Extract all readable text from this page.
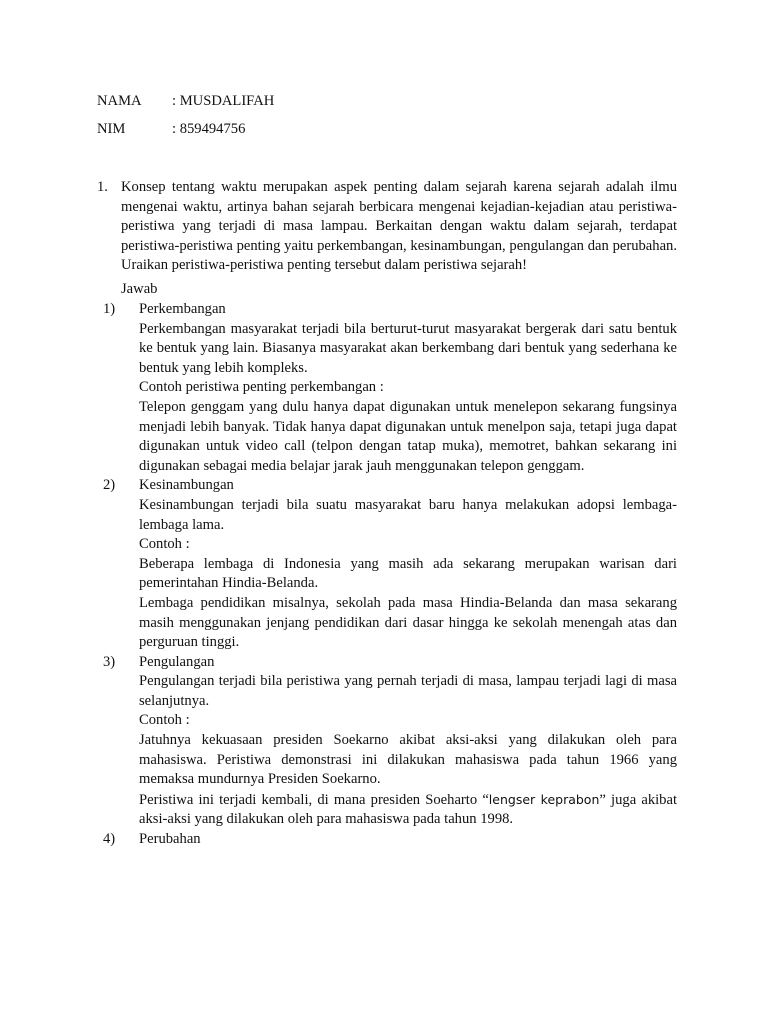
NAMA : MUSDALIFAH
NIM	: 859494756
1. Konsep tentang waktu merupakan aspek penting dalam sejarah karena sejarah adalah ilmu mengenai waktu, artinya bahan sejarah berbicara mengenai kejadian-kejadian atau peristiwa-peristiwa yang terjadi di masa lampau. Berkaitan dengan waktu dalam sejarah, terdapat peristiwa-peristiwa penting yaitu perkembangan, kesinambungan, pengulangan dan perubahan. Uraikan peristiwa-peristiwa penting tersebut dalam peristiwa sejarah!
Jawab
1) Perkembangan
Perkembangan masyarakat terjadi bila berturut-turut masyarakat bergerak dari satu bentuk ke bentuk yang lain. Biasanya masyarakat akan berkembang dari bentuk yang sederhana ke bentuk yang lebih kompleks.
Contoh peristiwa penting perkembangan :
Telepon genggam yang dulu hanya dapat digunakan untuk menelepon sekarang fungsinya menjadi lebih banyak. Tidak hanya dapat digunakan untuk menelpon saja, tetapi juga dapat digunakan untuk video call (telpon dengan tatap muka), memotret, bahkan sekarang ini digunakan sebagai media belajar jarak jauh menggunakan telepon genggam.
2) Kesinambungan
Kesinambungan terjadi bila suatu masyarakat baru hanya melakukan adopsi lembaga-lembaga lama.
Contoh :
Beberapa lembaga di Indonesia yang masih ada sekarang merupakan warisan dari pemerintahan Hindia-Belanda.
Lembaga pendidikan misalnya, sekolah pada masa Hindia-Belanda dan masa sekarang masih menggunakan jenjang pendidikan dari dasar hingga ke sekolah menengah atas dan perguruan tinggi.
3) Pengulangan
Pengulangan terjadi bila peristiwa yang pernah terjadi di masa, lampau terjadi lagi di masa selanjutnya.
Contoh :
Jatuhnya kekuasaan presiden Soekarno akibat aksi-aksi yang dilakukan oleh para mahasiswa. Peristiwa demonstrasi ini dilakukan mahasiswa pada tahun 1966 yang memaksa mundurnya Presiden Soekarno.
Peristiwa ini terjadi kembali, di mana presiden Soeharto “lengser keprabon” juga akibat aksi-aksi yang dilakukan oleh para mahasiswa pada tahun 1998.
4) Perubahan
